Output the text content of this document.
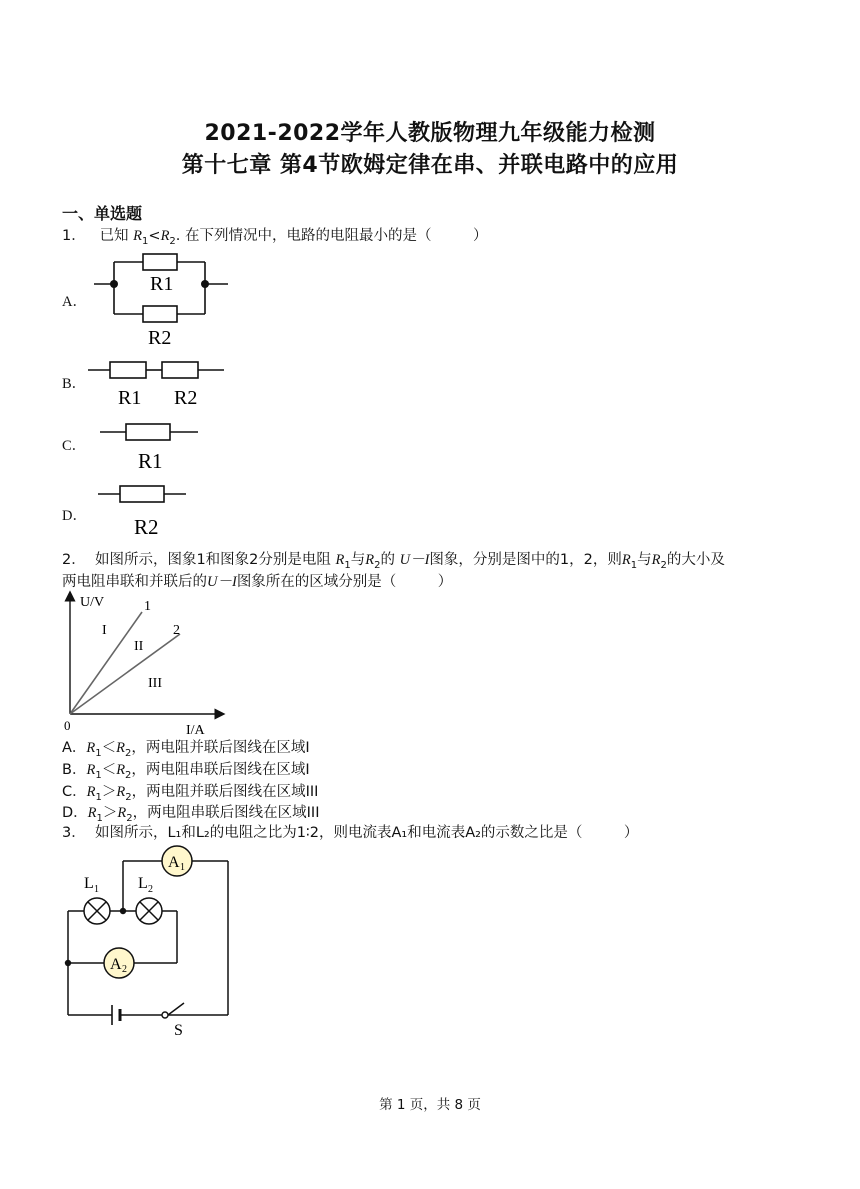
2021-2022学年人教版物理九年级能力检测
第十七章 第4节欧姆定律在串、并联电路中的应用
一、单选题
1． 已知 $R_1<R_2$. 在下列情况中，电路的电阻最小的是（	）
A．
B．
C．
D．
R1
R2
R1 R2
R1
R2
2． 如图所示，图象1和图象2分别是电阻 $R_1$与$R_2$的 U－I图象，分别是图中的1，2，则$R_1$与$R_2$的大小及
两电阻串联和并联后的U－I图象所在的区域分别是（	）
U/V
I/A
0
1
2
I
II
III
A．$R_1<R_2$，两电阻并联后图线在区域I
B．$R_1<R_2$，两电阻串联后图线在区域I
C．$R_1>R_2$，两电阻并联后图线在区域III
D．$R_1>R_2$，两电阻串联后图线在区域III
3． 如图所示，L₁和L₂的电阻之比为1∶2，则电流表A₁和电流表A₂的示数之比是（	）
A 1
A 2
L 1 L 2
S
第 1 页，共 8 页
